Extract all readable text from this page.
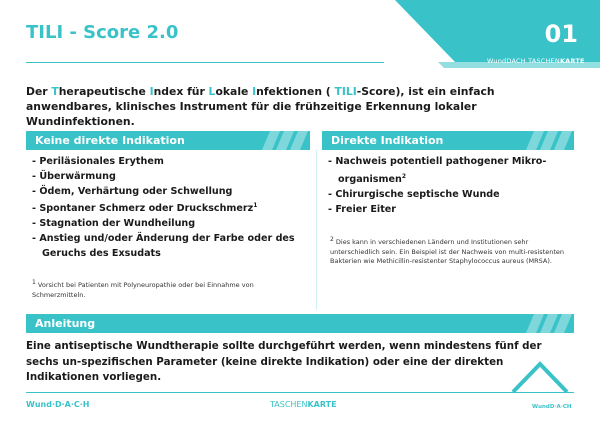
01
WundDACH TASCHENKARTE
TILI - Score 2.0
Der Therapeutische Index für Lokale Infektionen ( TILI-Score), ist ein einfach anwendbares, klinisches Instrument für die frühzeitige Erkennung lokaler Wundinfektionen.
Keine direkte Indikation
- Periläsionales Erythem
- Überwärmung
- Ödem, Verhärtung oder Schwellung
- Spontaner Schmerz oder Druckschmerz$^1$
- Stagnation der Wundheilung
- Anstieg und/oder Änderung der Farbe oder des Geruchs des Exsudats
$^1$ Vorsicht bei Patienten mit Polyneuropathie oder bei Einnahme von Schmerzmitteln.
Direkte Indikation
- Nachweis potentiell pathogener Mikro-organismen$^2$
- Chirurgische septische Wunde
- Freier Eiter
$^2$ Dies kann in verschiedenen Ländern und Institutionen sehr unterschiedlich sein. Ein Beispiel ist der Nachweis von multi-resistenten Bakterien wie Methicillin-resistenter Staphylococcus aureus (MRSA).
Anleitung
Eine antiseptische Wundtherapie sollte durchgeführt werden, wenn mindestens fünf der sechs un-spezifischen Parameter (keine direkte Indikation) oder eine der direkten Indikationen vorliegen.
Wund·D·A·C·H	TASCHENKARTE	WundD·A·CH
